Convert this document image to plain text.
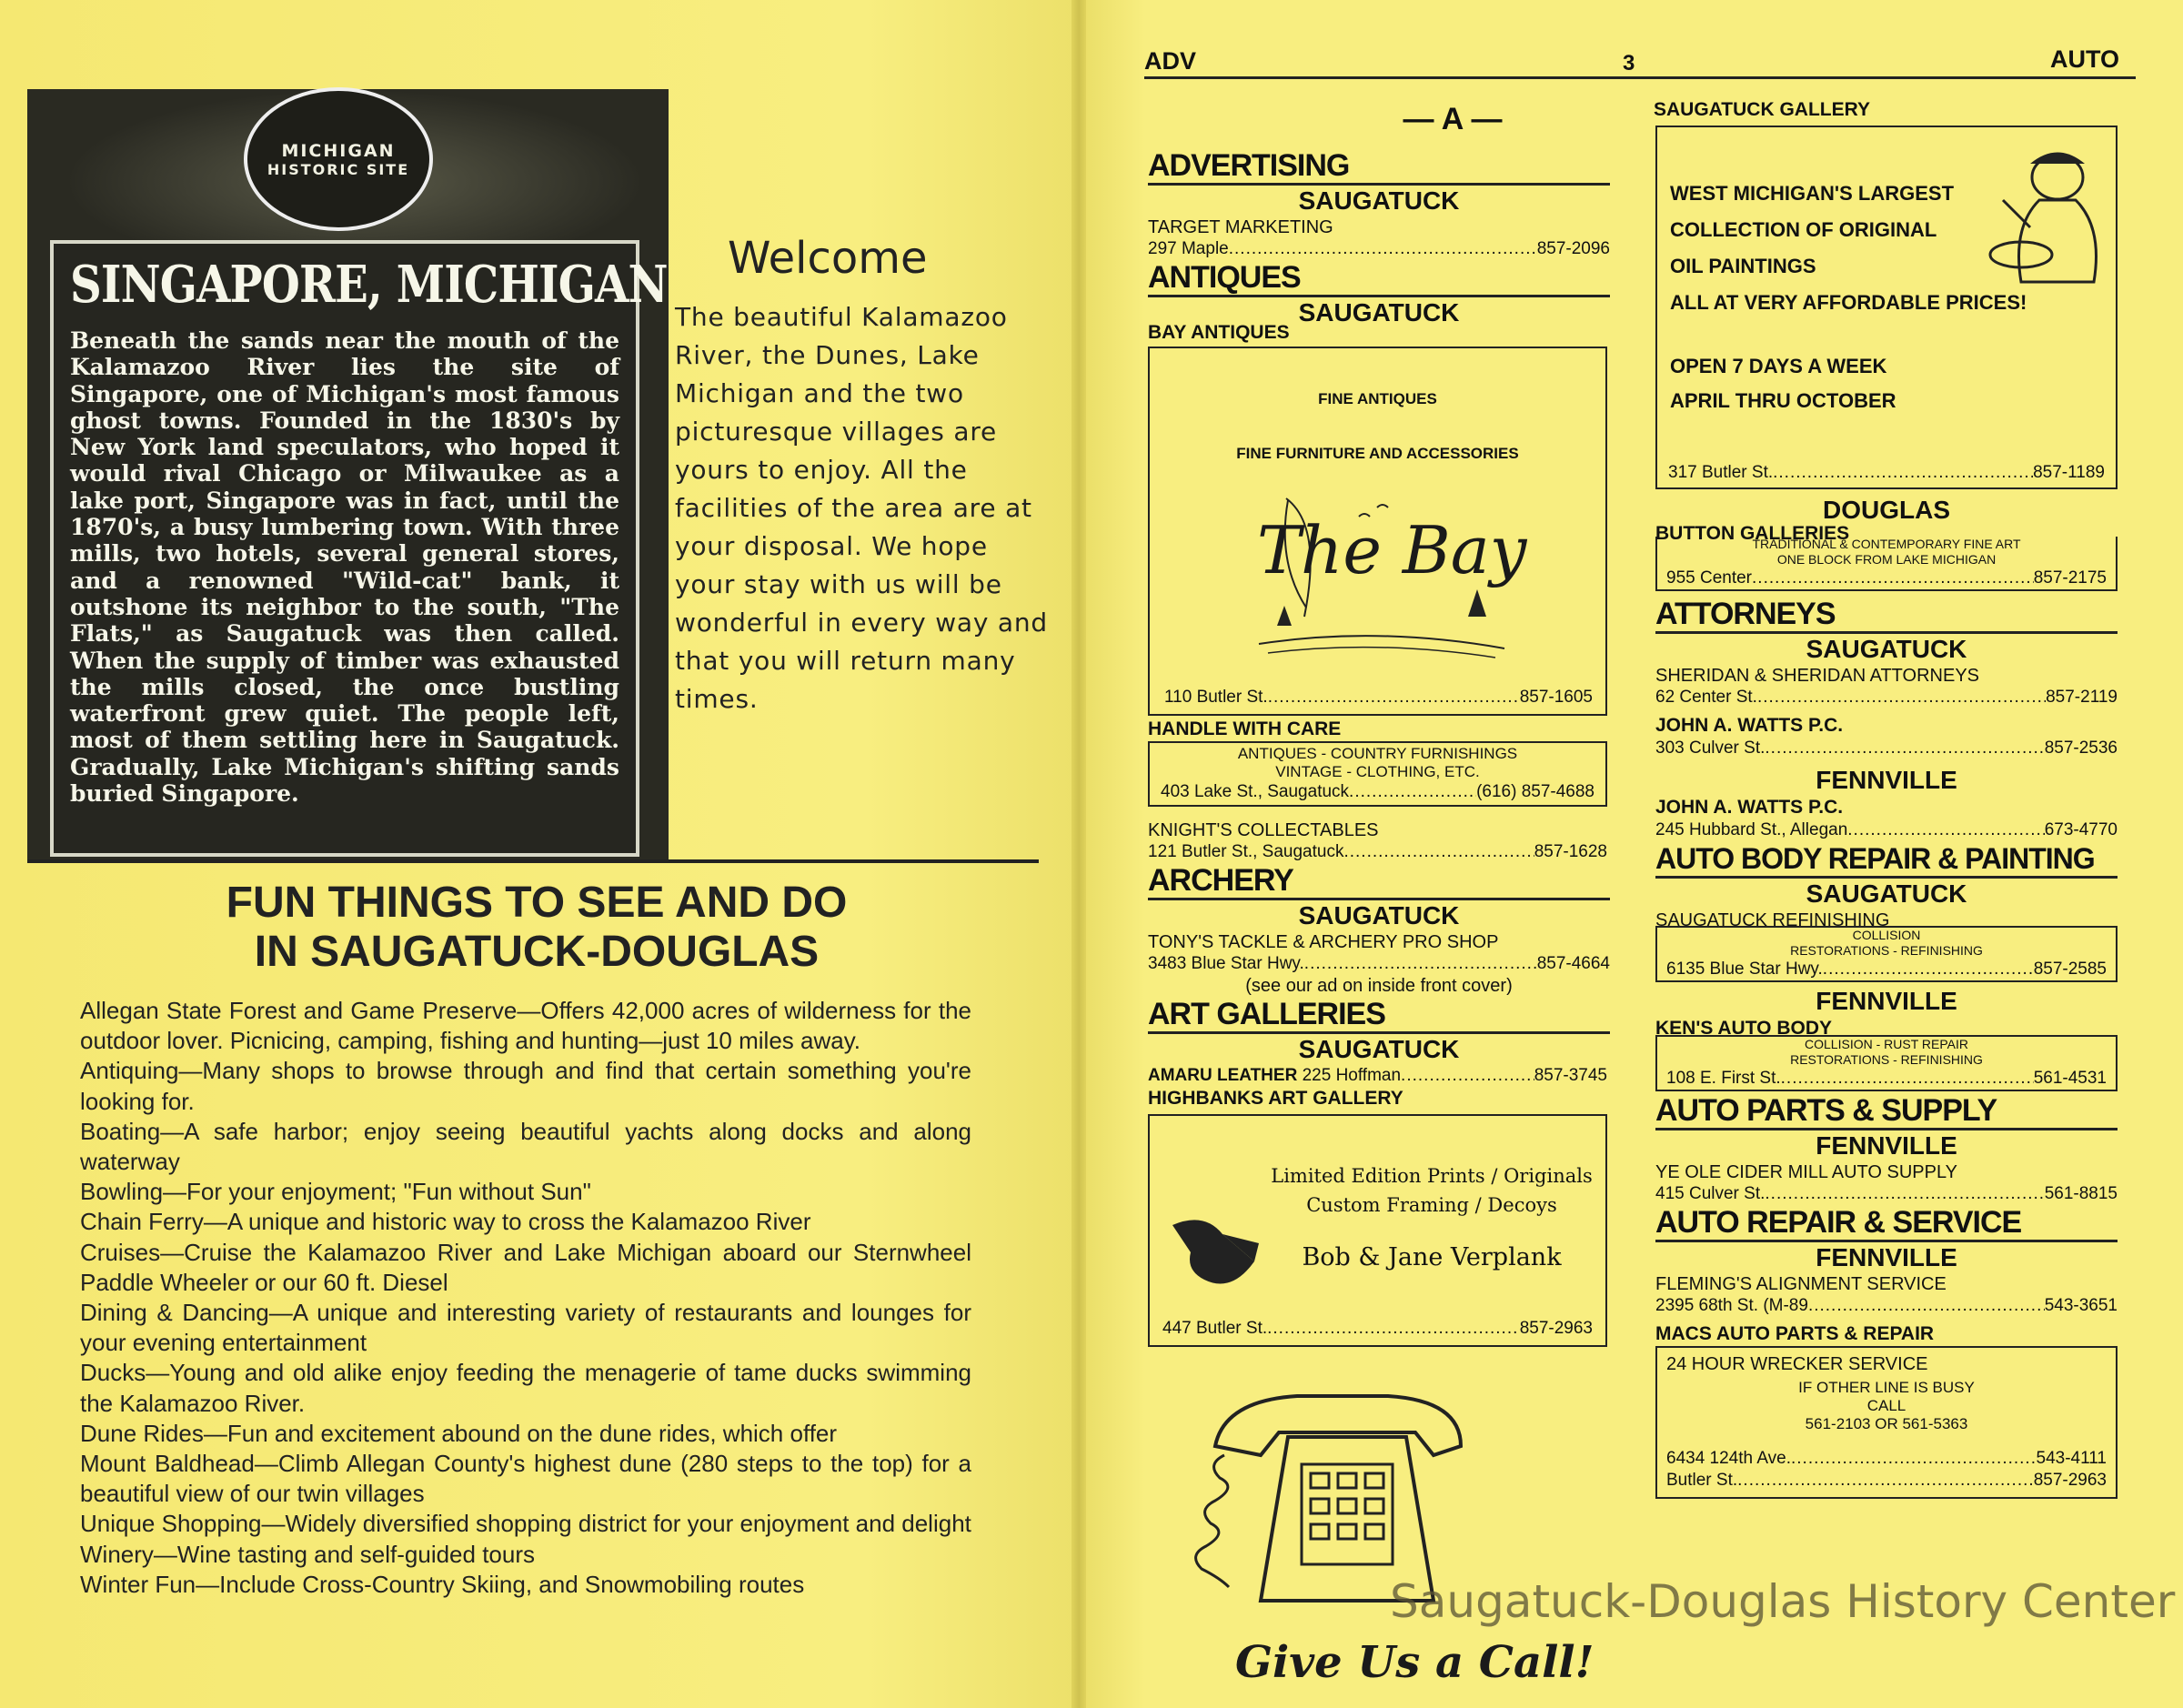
MICHIGAN
HISTORIC SITE
SINGAPORE, MICHIGAN
Beneath the sands near the mouth of the Kalamazoo River lies the site of Singapore, one of Michigan's most famous ghost towns. Founded in the 1830's by New York land speculators, who hoped it would rival Chicago or Milwaukee as a lake port, Singapore was in fact, until the 1870's, a busy lumbering town. With three mills, two hotels, several general stores, and a renowned "Wild-cat" bank, it outshone its neighbor to the south, "The Flats," as Saugatuck was then called. When the supply of timber was exhausted the mills closed, the once bustling waterfront grew quiet. The people left, most of them settling here in Saugatuck. Gradually, Lake Michigan's shifting sands buried Singapore.
Welcome
The beautiful Kalamazoo River, the Dunes, Lake Michigan and the two picturesque villages are yours to enjoy. All the facilities of the area are at your disposal. We hope your stay with us will be wonderful in every way and that you will return many times.
FUN THINGS TO SEE AND DO
IN SAUGATUCK-DOUGLAS

Allegan State Forest and Game Preserve—Offers 42,000 acres of wilderness for the outdoor lover. Picnicing, camping, fishing and hunting—just 10 miles away.

Antiquing—Many shops to browse through and find that certain something you're looking for.

Boating—A safe harbor; enjoy seeing beautiful yachts along docks and along waterway

Bowling—For your enjoyment; "Fun without Sun"

Chain Ferry—A unique and historic way to cross the Kalamazoo River

Cruises—Cruise the Kalamazoo River and Lake Michigan aboard our Sternwheel Paddle Wheeler or our 60 ft. Diesel

Dining & Dancing—A unique and interesting variety of restaurants and lounges for your evening entertainment

Ducks—Young and old alike enjoy feeding the menagerie of tame ducks swimming the Kalamazoo River.

Dune Rides—Fun and excitement abound on the dune rides, which offer

Mount Baldhead—Climb Allegan County's highest dune (280 steps to the top) for a beautiful view of our twin villages

Unique Shopping—Widely diversified shopping district for your enjoyment and delight

Winery—Wine tasting and self-guided tours

Winter Fun—Include Cross-Country Skiing, and Snowmobiling routes

ADV	3	AUTO
— A —
ADVERTISING
SAUGATUCK
TARGET MARKETING
297 Maple .....	857-2096
ANTIQUES
SAUGATUCK
BAY ANTIQUES
FINE ANTIQUES
FINE FURNITURE AND ACCESSORIES
The Bay
110 Butler St. .....	857-1605
HANDLE WITH CARE
ANTIQUES - COUNTRY FURNISHINGS
VINTAGE - CLOTHING, ETC.
403 Lake St., Saugatuck .....	(616) 857-4688
KNIGHT'S COLLECTABLES
121 Butler St., Saugatuck .....	857-1628
ARCHERY
SAUGATUCK
TONY'S TACKLE & ARCHERY PRO SHOP
3483 Blue Star Hwy. .....	857-4664
(see our ad on inside front cover)
ART GALLERIES
SAUGATUCK
AMARU LEATHER 225 Hoffman .....	857-3745
HIGHBANKS ART GALLERY
Limited Edition Prints / Originals
Custom Framing / Decoys
Bob & Jane Verplank
447 Butler St. .....	857-2963
Give Us a Call!
SAUGATUCK GALLERY
WEST MICHIGAN'S LARGEST
COLLECTION OF ORIGINAL
OIL PAINTINGS
ALL AT VERY AFFORDABLE PRICES!
OPEN 7 DAYS A WEEK
APRIL THRU OCTOBER
317 Butler St. .....	857-1189
DOUGLAS
BUTTON GALLERIES
TRADITIONAL & CONTEMPORARY FINE ART
ONE BLOCK FROM LAKE MICHIGAN
955 Center .....	857-2175
ATTORNEYS
SAUGATUCK
SHERIDAN & SHERIDAN ATTORNEYS
62 Center St. .....	857-2119
JOHN A. WATTS P.C.
303 Culver St. .....	857-2536
FENNVILLE
JOHN A. WATTS P.C.
245 Hubbard St., Allegan .....	673-4770
AUTO BODY REPAIR & PAINTING
SAUGATUCK
SAUGATUCK REFINISHING
COLLISION
RESTORATIONS - REFINISHING
6135 Blue Star Hwy. .....	857-2585
FENNVILLE
KEN'S AUTO BODY
COLLISION - RUST REPAIR
RESTORATIONS - REFINISHING
108 E. First St. .....	561-4531
AUTO PARTS & SUPPLY
FENNVILLE
YE OLE CIDER MILL AUTO SUPPLY
415 Culver St. .....	561-8815
AUTO REPAIR & SERVICE
FENNVILLE
FLEMING'S ALIGNMENT SERVICE
2395 68th St. (M-89 .....	543-3651
MACS AUTO PARTS & REPAIR
24 HOUR WRECKER SERVICE
IF OTHER LINE IS BUSY
CALL
561-2103 OR 561-5363
6434 124th Ave. .....	543-4111
Butler St. .....	857-2963
Saugatuck-Douglas History Center
